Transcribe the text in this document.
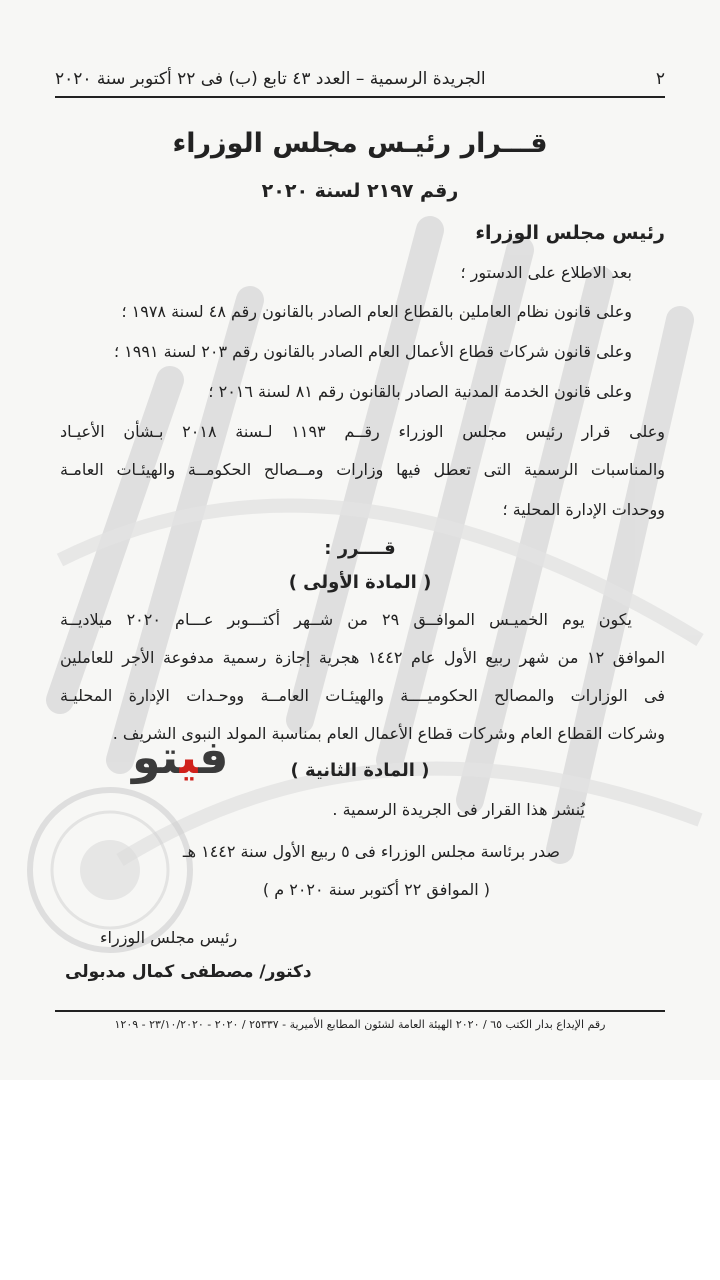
٢
الجريدة الرسمية – العدد ٤٣ تابع (ب) فى ٢٢ أكتوبر سنة ٢٠٢٠
قـــرار رئيـس مجلس الوزراء
رقم ٢١٩٧ لسنة ٢٠٢٠
رئيس مجلس الوزراء
بعد الاطلاع على الدستور ؛
وعلى قانون نظام العاملين بالقطاع العام الصادر بالقانون رقم ٤٨ لسنة ١٩٧٨ ؛
وعلى قانون شركات قطاع الأعمال العام الصادر بالقانون رقم ٢٠٣ لسنة ١٩٩١ ؛
وعلى قانون الخدمة المدنية الصادر بالقانون رقم ٨١ لسنة ٢٠١٦ ؛
وعلى قرار رئيس مجلس الوزراء رقــم ١١٩٣ لـسنة ٢٠١٨ بـشأن الأعيـاد
والمناسبات الرسمية التى تعطل فيها وزارات ومــصالح الحكومــة والهيئـات العامـة
ووحدات الإدارة المحلية ؛
قــــرر :
( المادة الأولى )
يكون يوم الخميـس الموافــق ٢٩ من شــهر أكتـــوبر عـــام ٢٠٢٠ ميلاديــة
الموافق ١٢ من شهر ربيع الأول عام ١٤٤٢ هجرية إجازة رسمية مدفوعة الأجر للعاملين
فى الوزارات والمصالح الحكوميــــة والهيئـات العامــة ووحـدات الإدارة المحليـة
وشركات القطاع العام وشركات قطاع الأعمال العام بمناسبة المولد النبوى الشريف .
( المادة الثانية )
يُنشر هذا القرار فى الجريدة الرسمية .
صدر برئاسة مجلس الوزراء فى ٥ ربيع الأول سنة ١٤٤٢ هـ
( الموافق ٢٢ أكتوبر سنة ٢٠٢٠ م )
رئيس مجلس الوزراء
دكتور/ مصطفى كمال مدبولى
رقم الإيداع بدار الكتب ٦٥ / ٢٠٢٠ الهيئة العامة لشئون المطابع الأميرية - ٢٥٣٣٧ / ٢٠٢٠ - ٢٣/١٠/٢٠٢٠ - ١٢٠٩
فيتو
